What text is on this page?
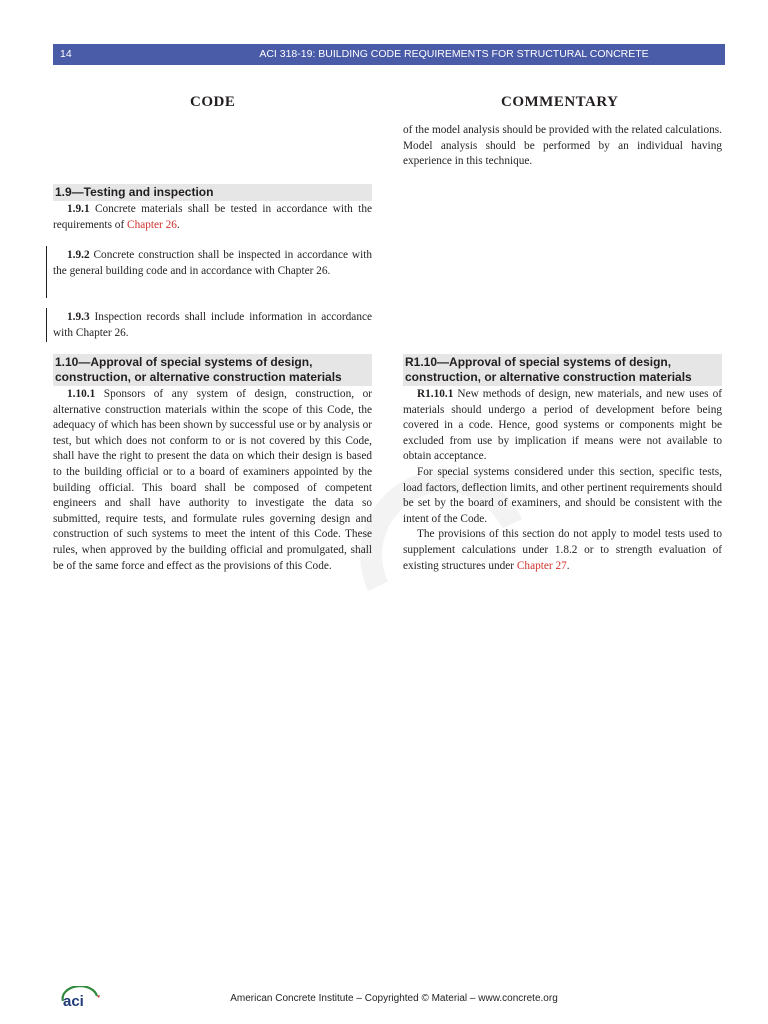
14	ACI 318-19: BUILDING CODE REQUIREMENTS FOR STRUCTURAL CONCRETE
CODE	COMMENTARY

of the model analysis should be provided with the related calculations. Model analysis should be performed by an individual having experience in this technique.

1.9—Testing and inspection

1.9.1 Concrete materials shall be tested in accordance with the requirements of Chapter 26.

1.9.2 Concrete construction shall be inspected in accordance with the general building code and in accordance with Chapter 26.

1.9.3 Inspection records shall include information in accordance with Chapter 26.

1.10—Approval of special systems of design, construction, or alternative construction materials

1.10.1 Sponsors of any system of design, construction, or alternative construction materials within the scope of this Code, the adequacy of which has been shown by successful use or by analysis or test, but which does not conform to or is not covered by this Code, shall have the right to present the data on which their design is based to the building official or to a board of examiners appointed by the building official. This board shall be composed of competent engineers and shall have authority to investigate the data so submitted, require tests, and formulate rules governing design and construction of such systems to meet the intent of this Code. These rules, when approved by the building official and promulgated, shall be of the same force and effect as the provisions of this Code.

R1.10—Approval of special systems of design, construction, or alternative construction materials

R1.10.1 New methods of design, new materials, and new uses of materials should undergo a period of development before being covered in a code. Hence, good systems or components might be excluded from use by implication if means were not available to obtain acceptance.

For special systems considered under this section, specific tests, load factors, deflection limits, and other pertinent requirements should be set by the board of examiners, and should be consistent with the intent of the Code.

The provisions of this section do not apply to model tests used to supplement calculations under 1.8.2 or to strength evaluation of existing structures under Chapter 27.

aci	American Concrete Institute – Copyrighted © Material – www.concrete.org
